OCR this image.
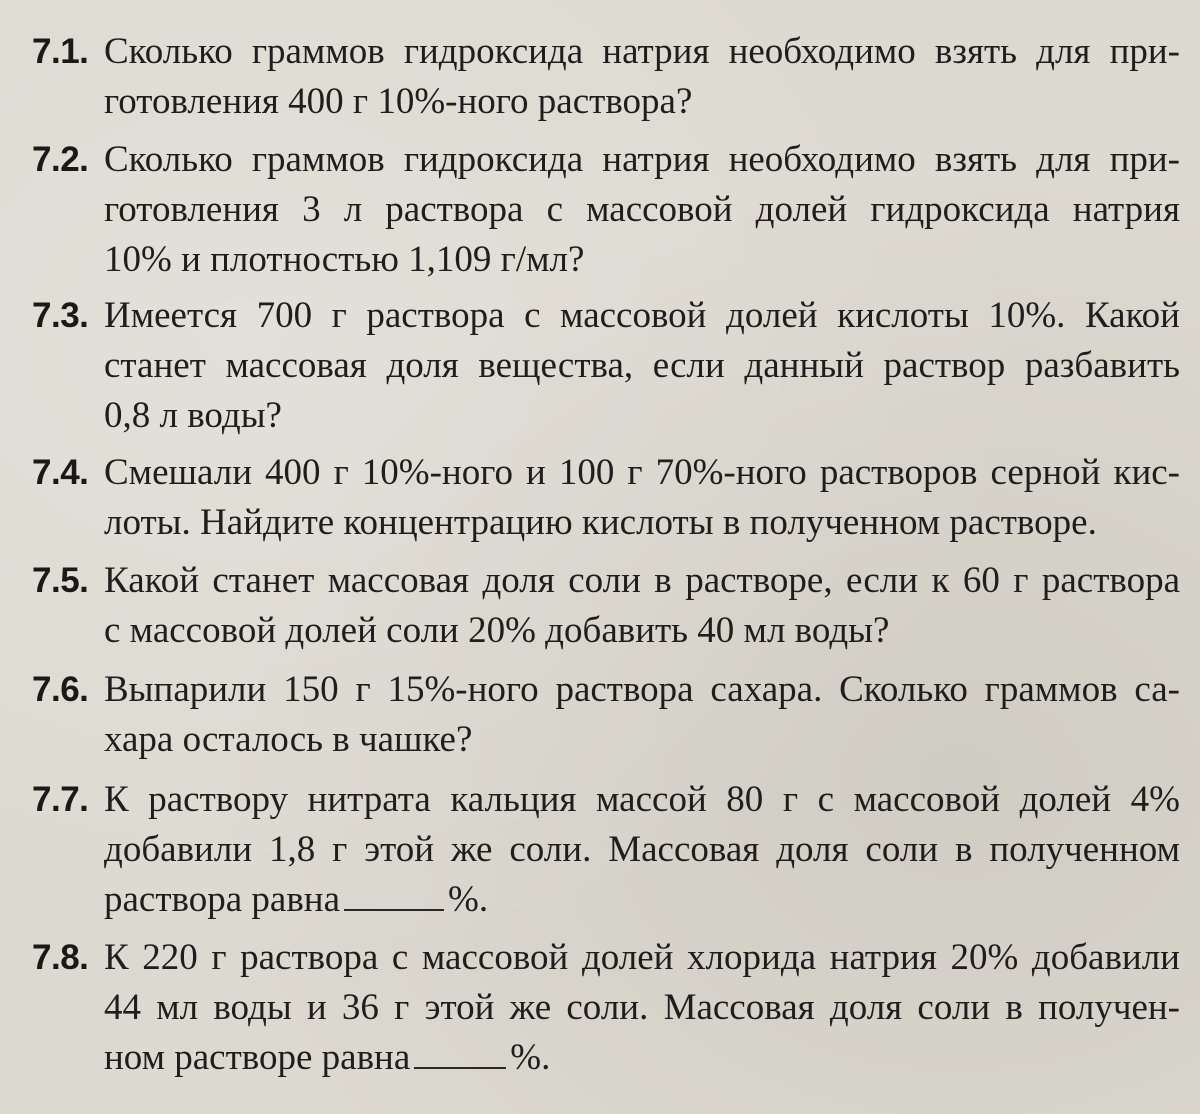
7.1. Сколько граммов гидроксида натрия необходимо взять для при-
готовления 400 г 10%-ного раствора?
7.2. Сколько граммов гидроксида натрия необходимо взять для при-
готовления 3 л раствора с массовой долей гидроксида натрия
10% и плотностью 1,109 г/мл?
7.3. Имеется 700 г раствора с массовой долей кислоты 10%. Какой
станет массовая доля вещества, если данный раствор разбавить
0,8 л воды?
7.4. Смешали 400 г 10%-ного и 100 г 70%-ного растворов серной кис-
лоты. Найдите концентрацию кислоты в полученном растворе.
7.5. Какой станет массовая доля соли в растворе, если к 60 г раствора
с массовой долей соли 20% добавить 40 мл воды?
7.6. Выпарили 150 г 15%-ного раствора сахара. Сколько граммов са-
хара осталось в чашке?
7.7. К раствору нитрата кальция массой 80 г с массовой долей 4%
добавили 1,8 г этой же соли. Массовая доля соли в полученном
раствора равна	%.
7.8. К 220 г раствора с массовой долей хлорида натрия 20% добавили
44 мл воды и 36 г этой же соли. Массовая доля соли в получен-
ном растворе равна	%.
